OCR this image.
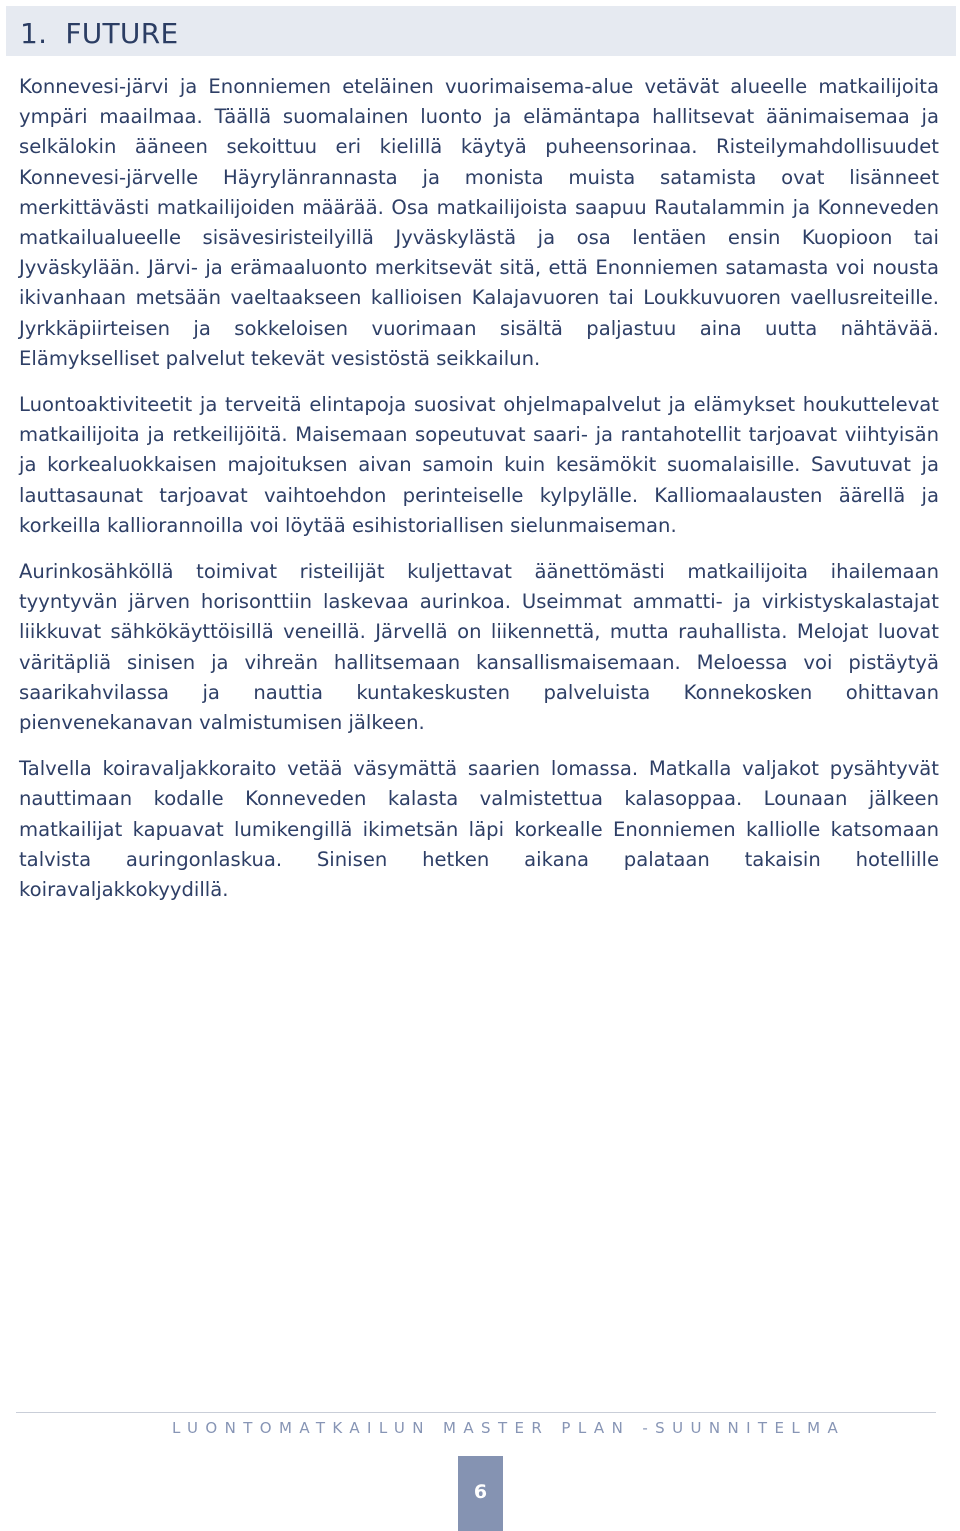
1. FUTURE

Konnevesi-järvi ja Enonniemen eteläinen vuorimaisema-alue vetävät alueelle matkailijoita ympäri maailmaa. Täällä suomalainen luonto ja elämäntapa hallitsevat äänimaisemaa ja selkälokin ääneen sekoittuu eri kielillä käytyä puheensorinaa. Risteilymahdollisuudet Konnevesi-järvelle Häyrylänrannasta ja monista muista satamista ovat lisänneet merkittävästi matkailijoiden määrää. Osa matkailijoista saapuu Rautalammin ja Konneveden matkailualueelle sisävesiristeilyillä Jyväskylästä ja osa lentäen ensin Kuopioon tai Jyväskylään. Järvi- ja erämaaluonto merkitsevät sitä, että Enonniemen satamasta voi nousta ikivanhaan metsään vaeltaakseen kallioisen Kalajavuoren tai Loukkuvuoren vaellusreiteille. Jyrkkäpiirteisen ja sokkeloisen vuorimaan sisältä paljastuu aina uutta nähtävää. Elämykselliset palvelut tekevät vesistöstä seikkailun.

Luontoaktiviteetit ja terveitä elintapoja suosivat ohjelmapalvelut ja elämykset houkuttelevat matkailijoita ja retkeilijöitä. Maisemaan sopeutuvat saari- ja rantahotellit tarjoavat viihtyisän ja korkealuokkaisen majoituksen aivan samoin kuin kesämökit suomalaisille. Savutuvat ja lauttasaunat tarjoavat vaihtoehdon perinteiselle kylpylälle. Kalliomaalausten äärellä ja korkeilla kalliorannoilla voi löytää esihistoriallisen sielunmaiseman.

Aurinkosähköllä toimivat risteilijät kuljettavat äänettömästi matkailijoita ihailemaan tyyntyvän järven horisonttiin laskevaa aurinkoa. Useimmat ammatti- ja virkistyskalastajat liikkuvat sähkökäyttöisillä veneillä. Järvellä on liikennettä, mutta rauhallista. Melojat luovat väritäpliä sinisen ja vihreän hallitsemaan kansallismaisemaan. Meloessa voi pistäytyä saarikahvilassa ja nauttia kuntakeskusten palveluista Konnekosken ohittavan pienvenekanavan valmistumisen jälkeen.

Talvella koiravaljakkoraito vetää väsymättä saarien lomassa. Matkalla valjakot pysähtyvät nauttimaan kodalle Konneveden kalasta valmistettua kalasoppaa. Lounaan jälkeen matkailijat kapuavat lumikengillä ikimetsän läpi korkealle Enonniemen kalliolle katsomaan talvista auringonlaskua. Sinisen hetken aikana palataan takaisin hotellille koiravaljakkokyydillä.

LUONTOMATKAILUN MASTER PLAN -SUUNNITELMA
6
